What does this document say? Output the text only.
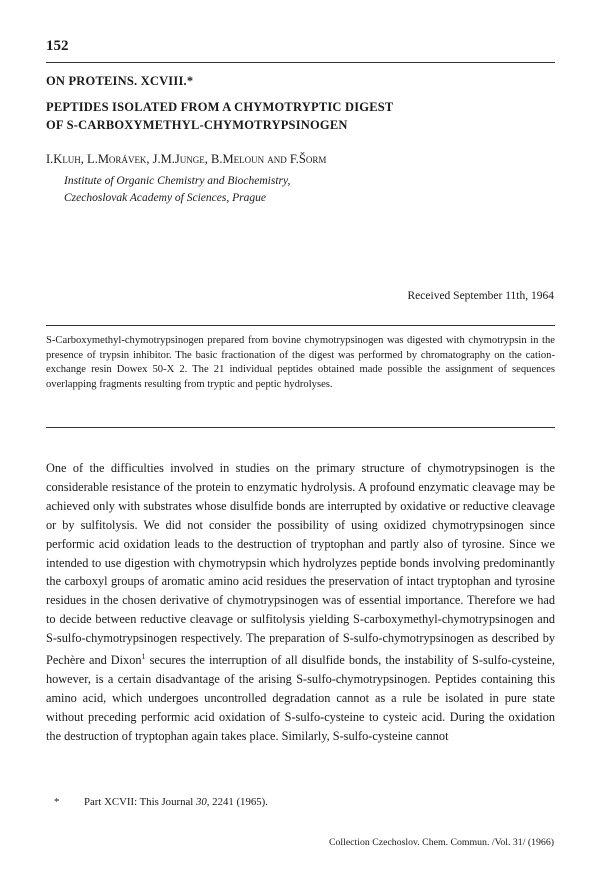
152
ON PROTEINS. XCVIII.*
PEPTIDES ISOLATED FROM A CHYMOTRYPTIC DIGEST
OF S-CARBOXYMETHYL-CHYMOTRYPSINOGEN
I.Kluh, L.Morávek, J.M.Junge, B.Meloun and F.Šorm
Institute of Organic Chemistry and Biochemistry,
Czechoslovak Academy of Sciences, Prague
Received September 11th, 1964
S-Carboxymethyl-chymotrypsinogen prepared from bovine chymotrypsinogen was digested with chymotrypsin in the presence of trypsin inhibitor. The basic fractionation of the digest was performed by chromatography on the cation-exchange resin Dowex 50-X 2. The 21 individual peptides obtained made possible the assignment of sequences overlapping fragments resulting from tryptic and peptic hydrolyses.

One of the difficulties involved in studies on the primary structure of chymotrypsinogen is the considerable resistance of the protein to enzymatic hydrolysis. A profound enzymatic cleavage may be achieved only with substrates whose disulfide bonds are interrupted by oxidative or reductive cleavage or by sulfitolysis. We did not consider the possibility of using oxidized chymotrypsinogen since performic acid oxidation leads to the destruction of tryptophan and partly also of tyrosine. Since we intended to use digestion with chymotrypsin which hydrolyzes peptide bonds involving predominantly the carboxyl groups of aromatic amino acid residues the preservation of intact tryptophan and tyrosine residues in the chosen derivative of chymotrypsinogen was of essential importance. Therefore we had to decide between reductive cleavage or sulfitolysis yielding S-carboxymethyl-chymotrypsinogen and S-sulfo-chymotrypsinogen respectively. The preparation of S-sulfo-chymotrypsinogen as described by Pechère and Dixon$^1$ secures the interruption of all disulfide bonds, the instability of S-sulfo-cysteine, however, is a certain disadvantage of the arising S-sulfo-chymotrypsinogen. Peptides containing this amino acid, which undergoes uncontrolled degradation cannot as a rule be isolated in pure state without preceding performic acid oxidation of S-sulfo-cysteine to cysteic acid. During the oxidation the destruction of tryptophan again takes place. Similarly, S-sulfo-cysteine cannot

* Part XCVII: This Journal 30, 2241 (1965).
Collection Czechoslov. Chem. Commun. /Vol. 31/ (1966)
